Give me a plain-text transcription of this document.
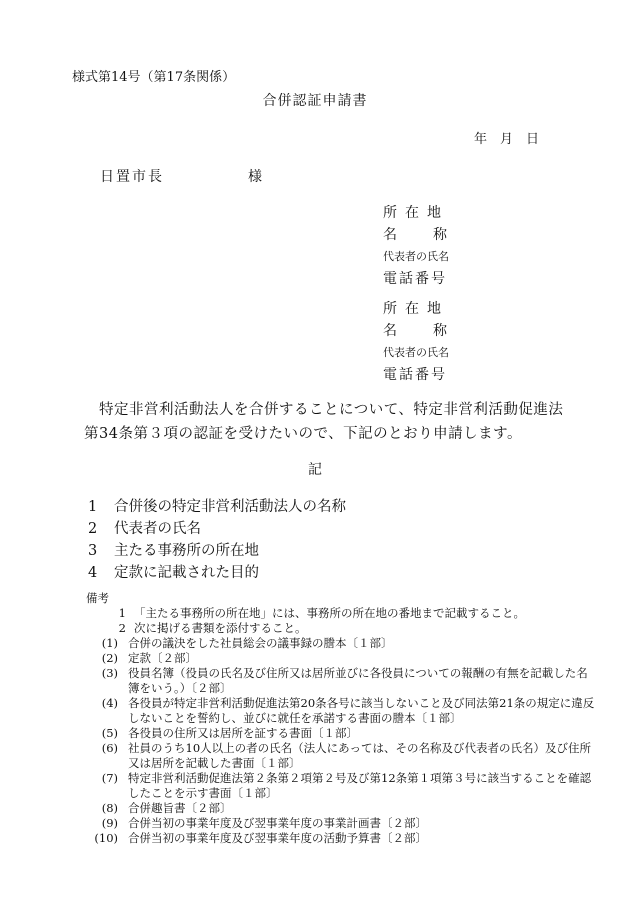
様式第14号（第17条関係）
合併認証申請書
年　月　日
日置市長	様
所在地
名称
代表者の氏名
電話番号
所在地
名称
代表者の氏名
電話番号
特定非営利活動法人を合併することについて、特定非営利活動促進法
第34条第３項の認証を受けたいので、下記のとおり申請します。
記
1	合併後の特定非営利活動法人の名称
2	代表者の氏名
3	主たる事務所の所在地
4	定款に記載された目的
備考
1 「主たる事務所の所在地」には、事務所の所在地の番地まで記載すること。
2 次に掲げる書類を添付すること。
(1) 合併の議決をした社員総会の議事録の謄本〔１部〕
(2) 定款〔２部〕
(3) 役員名簿（役員の氏名及び住所又は居所並びに各役員についての報酬の有無を記載した名簿をいう。）〔２部〕
(4) 各役員が特定非営利活動促進法第20条各号に該当しないこと及び同法第21条の規定に違反しないことを誓約し、並びに就任を承諾する書面の謄本〔１部〕
(5) 各役員の住所又は居所を証する書面〔１部〕
(6) 社員のうち10人以上の者の氏名（法人にあっては、その名称及び代表者の氏名）及び住所又は居所を記載した書面〔１部〕
(7) 特定非営利活動促進法第２条第２項第２号及び第12条第１項第３号に該当することを確認したことを示す書面〔１部〕
(8) 合併趣旨書〔２部〕
(9) 合併当初の事業年度及び翌事業年度の事業計画書〔２部〕
(10) 合併当初の事業年度及び翌事業年度の活動予算書〔２部〕
